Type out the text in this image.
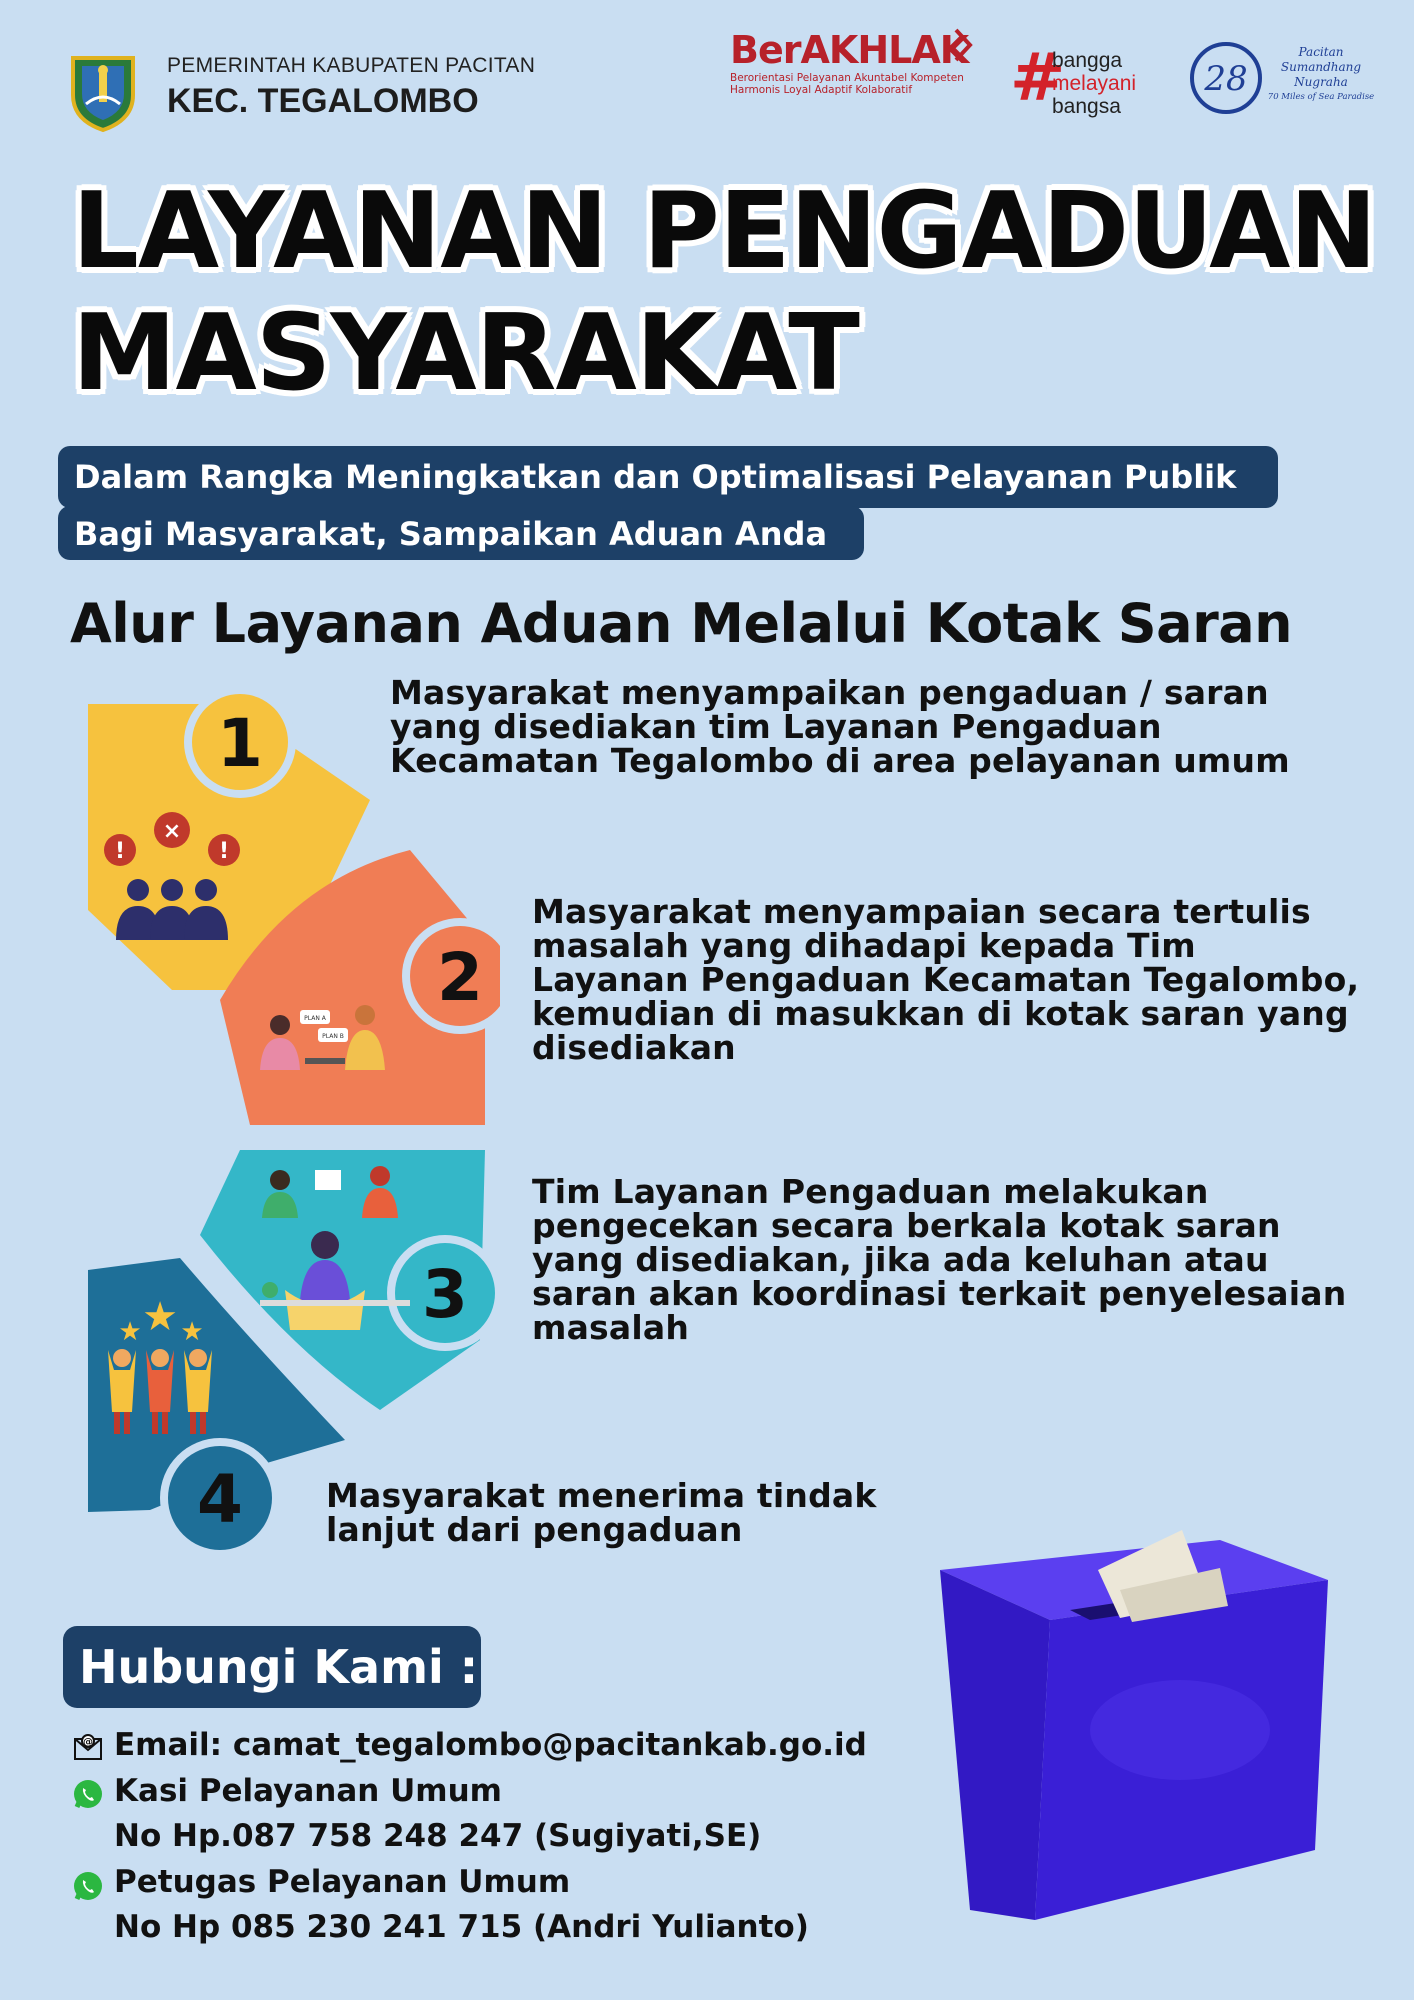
PEMERINTAH KABUPATEN PACITAN
KEC. TEGALOMBO
BerAKHLAK
Berorientasi Pelayanan Akuntabel Kompeten
Harmonis Loyal Adaptif Kolaboratif	#
bangga
melayani
bangsa
28
Pacitan
Sumandhang
Nugraha
70 Miles of Sea Paradise
LAYANAN PENGADUAN
MASYARAKAT
Dalam Rangka Meningkatkan dan Optimalisasi Pelayanan Publik
Bagi Masyarakat, Sampaikan Aduan Anda
Alur Layanan Aduan Melalui Kotak Saran
1
2
3
4
!
×
!
PLAN A
PLAN B
★ ★ ★
Masyarakat menyampaikan pengaduan / saran yang disediakan tim Layanan Pengaduan Kecamatan Tegalombo di area pelayanan umum
Masyarakat menyampaian secara tertulis masalah yang dihadapi kepada Tim Layanan Pengaduan Kecamatan Tegalombo, kemudian di masukkan di kotak saran yang disediakan
Tim Layanan Pengaduan melakukan pengecekan secara berkala kotak saran yang disediakan, jika ada keluhan atau saran akan koordinasi terkait penyelesaian masalah
Masyarakat menerima tindak lanjut dari pengaduan
Hubungi Kami :
@ Email: camat_tegalombo@pacitankab.go.id
Kasi Pelayanan Umum
No Hp.087 758 248 247 (Sugiyati,SE)
Petugas Pelayanan Umum
No Hp 085 230 241 715 (Andri Yulianto)
